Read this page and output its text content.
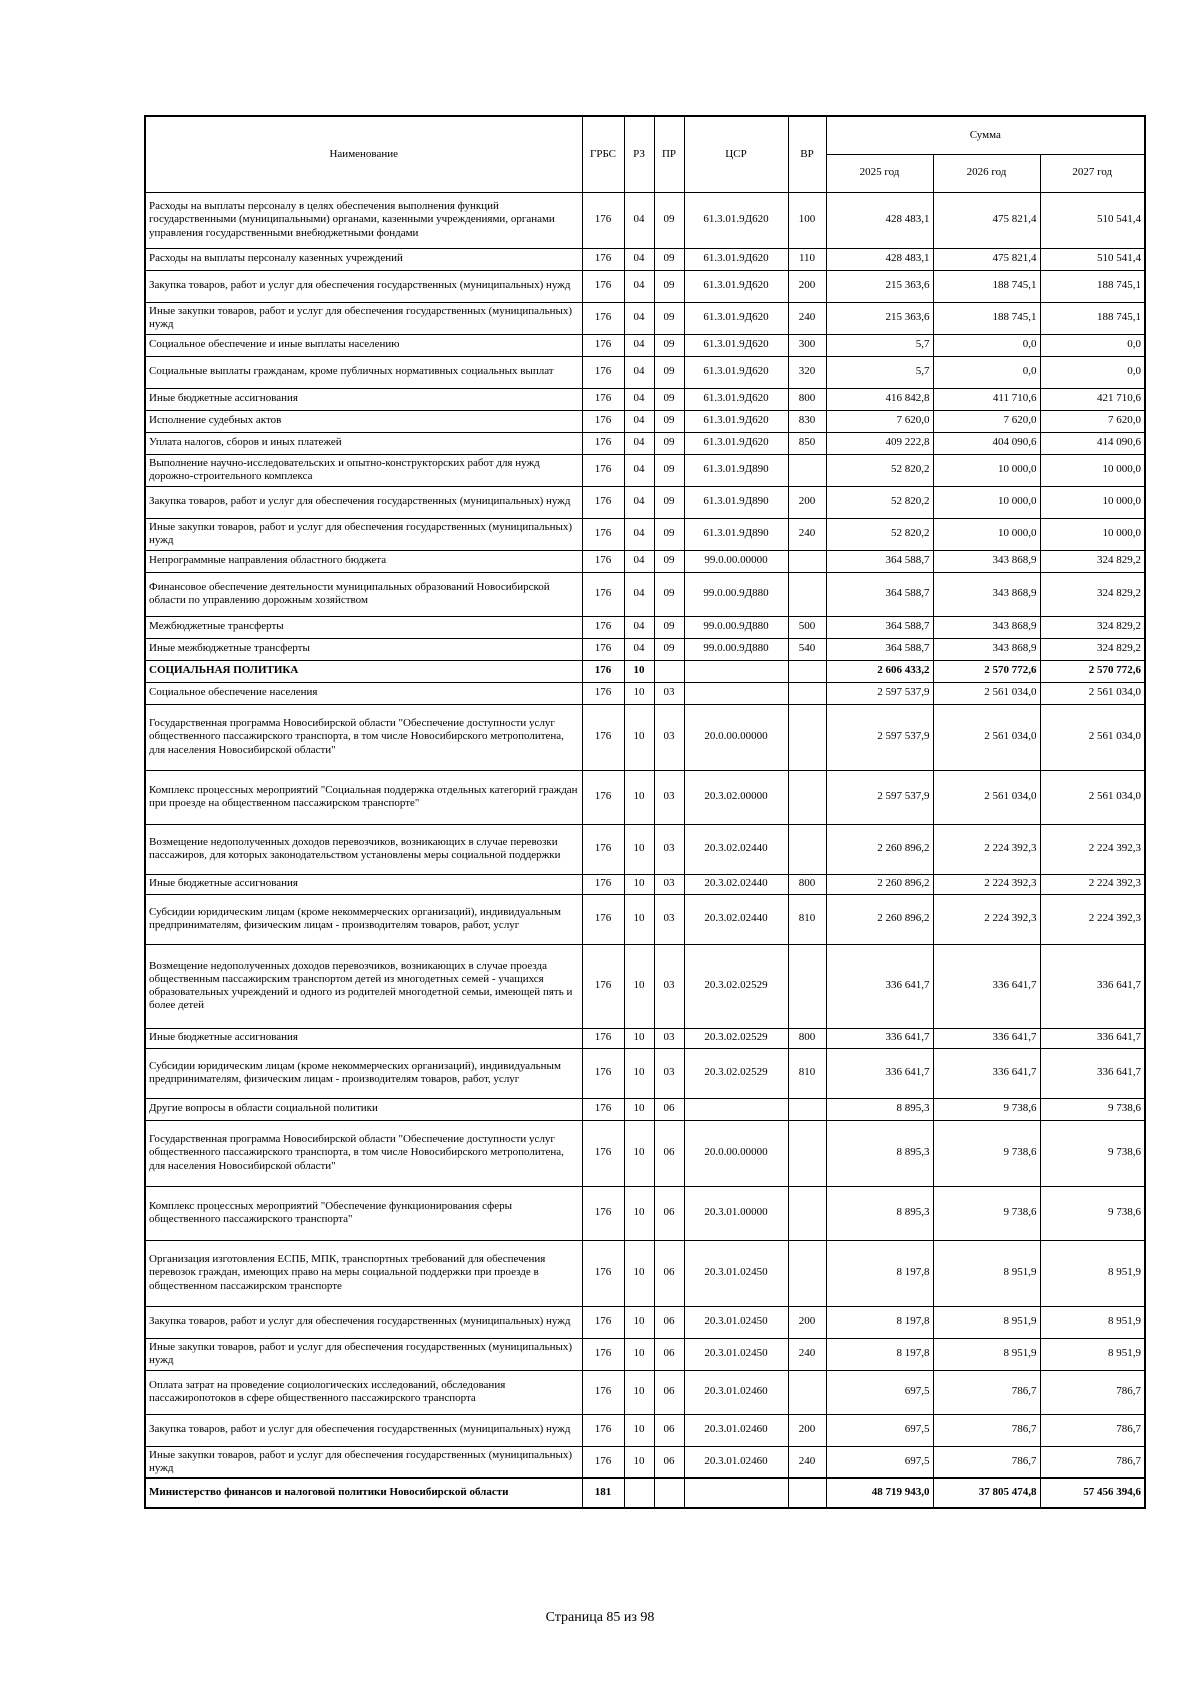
Наименование	ГРБС	РЗ	ПР	ЦСР	ВР	Сумма		
						2025 год	2026 год	2027 год
Расходы на выплаты персоналу в целях обеспечения выполнения функций государственными (муниципальными) органами, казенными учреждениями, органами управления государственными внебюджетными фондами	176	04	09	61.3.01.9Д620	100	428 483,1	475 821,4	510 541,4
Расходы на выплаты персоналу казенных учреждений	176	04	09	61.3.01.9Д620	110	428 483,1	475 821,4	510 541,4
Закупка товаров, работ и услуг для обеспечения государственных (муниципальных) нужд	176	04	09	61.3.01.9Д620	200	215 363,6	188 745,1	188 745,1
Иные закупки товаров, работ и услуг для обеспечения государственных (муниципальных) нужд	176	04	09	61.3.01.9Д620	240	215 363,6	188 745,1	188 745,1
Социальное обеспечение и иные выплаты населению	176	04	09	61.3.01.9Д620	300	5,7	0,0	0,0
Социальные выплаты гражданам, кроме публичных нормативных социальных выплат	176	04	09	61.3.01.9Д620	320	5,7	0,0	0,0
Иные бюджетные ассигнования	176	04	09	61.3.01.9Д620	800	416 842,8	411 710,6	421 710,6
Исполнение судебных актов	176	04	09	61.3.01.9Д620	830	7 620,0	7 620,0	7 620,0
Уплата налогов, сборов и иных платежей	176	04	09	61.3.01.9Д620	850	409 222,8	404 090,6	414 090,6
Выполнение научно-исследовательских и опытно-конструкторских работ для нужд дорожно-строительного комплекса	176	04	09	61.3.01.9Д890		52 820,2	10 000,0	10 000,0
Закупка товаров, работ и услуг для обеспечения государственных (муниципальных) нужд	176	04	09	61.3.01.9Д890	200	52 820,2	10 000,0	10 000,0
Иные закупки товаров, работ и услуг для обеспечения государственных (муниципальных) нужд	176	04	09	61.3.01.9Д890	240	52 820,2	10 000,0	10 000,0
Непрограммные направления областного бюджета	176	04	09	99.0.00.00000		364 588,7	343 868,9	324 829,2
Финансовое обеспечение деятельности муниципальных образований Новосибирской области по управлению дорожным хозяйством	176	04	09	99.0.00.9Д880		364 588,7	343 868,9	324 829,2
Межбюджетные трансферты	176	04	09	99.0.00.9Д880	500	364 588,7	343 868,9	324 829,2
Иные межбюджетные трансферты	176	04	09	99.0.00.9Д880	540	364 588,7	343 868,9	324 829,2
СОЦИАЛЬНАЯ ПОЛИТИКА	176	10				2 606 433,2	2 570 772,6	2 570 772,6
Социальное обеспечение населения	176	10	03			2 597 537,9	2 561 034,0	2 561 034,0
Государственная программа Новосибирской области "Обеспечение доступности услуг общественного пассажирского транспорта, в том числе Новосибирского метрополитена, для населения Новосибирской области"	176	10	03	20.0.00.00000		2 597 537,9	2 561 034,0	2 561 034,0
Комплекс процессных мероприятий "Социальная поддержка отдельных категорий граждан при проезде на общественном пассажирском транспорте"	176	10	03	20.3.02.00000		2 597 537,9	2 561 034,0	2 561 034,0
Возмещение недополученных доходов перевозчиков, возникающих в случае перевозки пассажиров, для которых законодательством установлены меры социальной поддержки	176	10	03	20.3.02.02440		2 260 896,2	2 224 392,3	2 224 392,3
Иные бюджетные ассигнования	176	10	03	20.3.02.02440	800	2 260 896,2	2 224 392,3	2 224 392,3
Субсидии юридическим лицам (кроме некоммерческих организаций), индивидуальным предпринимателям, физическим лицам - производителям товаров, работ, услуг	176	10	03	20.3.02.02440	810	2 260 896,2	2 224 392,3	2 224 392,3
Возмещение недополученных доходов перевозчиков, возникающих в случае проезда общественным пассажирским транспортом детей из многодетных семей - учащихся образовательных учреждений и одного из родителей многодетной семьи, имеющей пять и более детей	176	10	03	20.3.02.02529		336 641,7	336 641,7	336 641,7
Иные бюджетные ассигнования	176	10	03	20.3.02.02529	800	336 641,7	336 641,7	336 641,7
Субсидии юридическим лицам (кроме некоммерческих организаций), индивидуальным предпринимателям, физическим лицам - производителям товаров, работ, услуг	176	10	03	20.3.02.02529	810	336 641,7	336 641,7	336 641,7
Другие вопросы в области социальной политики	176	10	06			8 895,3	9 738,6	9 738,6
Государственная программа Новосибирской области "Обеспечение доступности услуг общественного пассажирского транспорта, в том числе Новосибирского метрополитена, для населения Новосибирской области"	176	10	06	20.0.00.00000		8 895,3	9 738,6	9 738,6
Комплекс процессных мероприятий "Обеспечение функционирования сферы общественного пассажирского транспорта"	176	10	06	20.3.01.00000		8 895,3	9 738,6	9 738,6
Организация изготовления ЕСПБ, МПК, транспортных требований для обеспечения перевозок граждан, имеющих право на меры социальной поддержки при проезде в общественном пассажирском транспорте	176	10	06	20.3.01.02450		8 197,8	8 951,9	8 951,9
Закупка товаров, работ и услуг для обеспечения государственных (муниципальных) нужд	176	10	06	20.3.01.02450	200	8 197,8	8 951,9	8 951,9
Иные закупки товаров, работ и услуг для обеспечения государственных (муниципальных) нужд	176	10	06	20.3.01.02450	240	8 197,8	8 951,9	8 951,9
Оплата затрат на проведение социологических исследований, обследования пассажиропотоков в сфере общественного пассажирского транспорта	176	10	06	20.3.01.02460		697,5	786,7	786,7
Закупка товаров, работ и услуг для обеспечения государственных (муниципальных) нужд	176	10	06	20.3.01.02460	200	697,5	786,7	786,7
Иные закупки товаров, работ и услуг для обеспечения государственных (муниципальных) нужд	176	10	06	20.3.01.02460	240	697,5	786,7	786,7
Министерство финансов и налоговой политики Новосибирской области	181					48 719 943,0	37 805 474,8	57 456 394,6
Страница 85 из 98
